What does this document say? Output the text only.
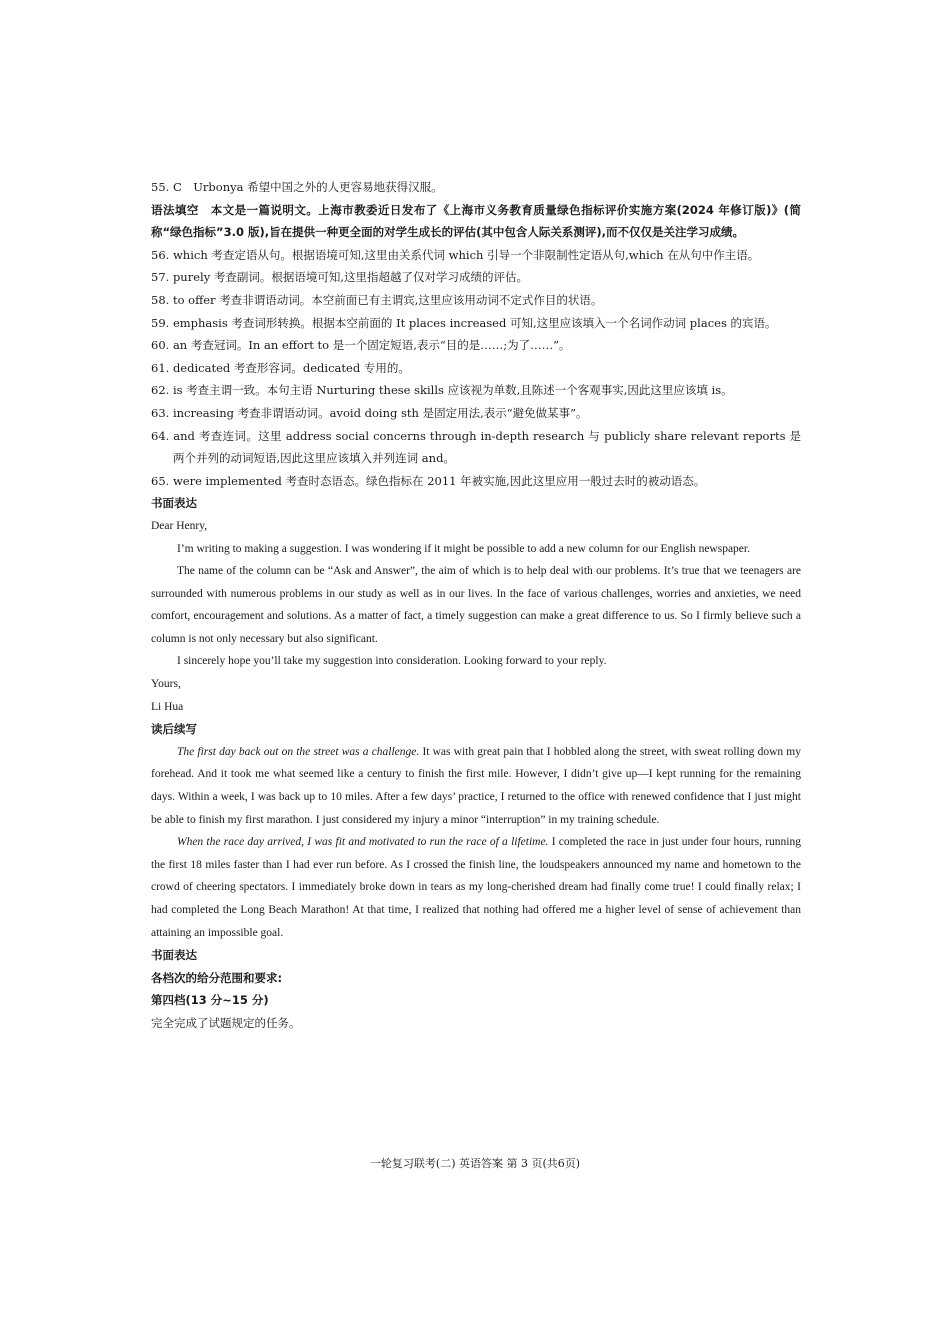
55. C　Urbonya 希望中国之外的人更容易地获得汉服。

语法填空　本文是一篇说明文。上海市教委近日发布了《上海市义务教育质量绿色指标评价实施方案(2024 年修订版)》(简称“绿色指标”3.0 版),旨在提供一种更全面的对学生成长的评估(其中包含人际关系测评),而不仅仅是关注学习成绩。

56. which 考查定语从句。根据语境可知,这里由关系代词 which 引导一个非限制性定语从句,which 在从句中作主语。

57. purely 考查副词。根据语境可知,这里指超越了仅对学习成绩的评估。

58. to offer 考查非谓语动词。本空前面已有主谓宾,这里应该用动词不定式作目的状语。

59. emphasis 考查词形转换。根据本空前面的 It places increased 可知,这里应该填入一个名词作动词 places 的宾语。

60. an 考查冠词。In an effort to 是一个固定短语,表示“目的是……;为了……”。

61. dedicated 考查形容词。dedicated 专用的。

62. is 考查主谓一致。本句主语 Nurturing these skills 应该视为单数,且陈述一个客观事实,因此这里应该填 is。

63. increasing 考查非谓语动词。avoid doing sth 是固定用法,表示“避免做某事”。

64. and 考查连词。这里 address social concerns through in-depth research 与 publicly share relevant reports 是两个并列的动词短语,因此这里应该填入并列连词 and。

65. were implemented 考查时态语态。绿色指标在 2011 年被实施,因此这里应用一般过去时的被动语态。

书面表达

Dear Henry,

I’m writing to making a suggestion. I was wondering if it might be possible to add a new column for our English newspaper.

The name of the column can be “Ask and Answer”, the aim of which is to help deal with our problems. It’s true that we teenagers are surrounded with numerous problems in our study as well as in our lives. In the face of various challenges, worries and anxieties, we need comfort, encouragement and solutions. As a matter of fact, a timely suggestion can make a great difference to us. So I firmly believe such a column is not only necessary but also significant.

I sincerely hope you’ll take my suggestion into consideration. Looking forward to your reply.

Yours,

Li Hua

读后续写

The first day back out on the street was a challenge. It was with great pain that I hobbled along the street, with sweat rolling down my forehead. And it took me what seemed like a century to finish the first mile. However, I didn’t give up—I kept running for the remaining days. Within a week, I was back up to 10 miles. After a few days’ practice, I returned to the office with renewed confidence that I just might be able to finish my first marathon. I just considered my injury a minor “interruption” in my training schedule.

When the race day arrived, I was fit and motivated to run the race of a lifetime. I completed the race in just under four hours, running the first 18 miles faster than I had ever run before. As I crossed the finish line, the loudspeakers announced my name and hometown to the crowd of cheering spectators. I immediately broke down in tears as my long-cherished dream had finally come true! I could finally relax; I had completed the Long Beach Marathon! At that time, I realized that nothing had offered me a higher level of sense of achievement than attaining an impossible goal.

书面表达

各档次的给分范围和要求:

第四档(13 分~15 分)

完全完成了试题规定的任务。

一轮复习联考(二) 英语答案 第 3 页(共6页)
